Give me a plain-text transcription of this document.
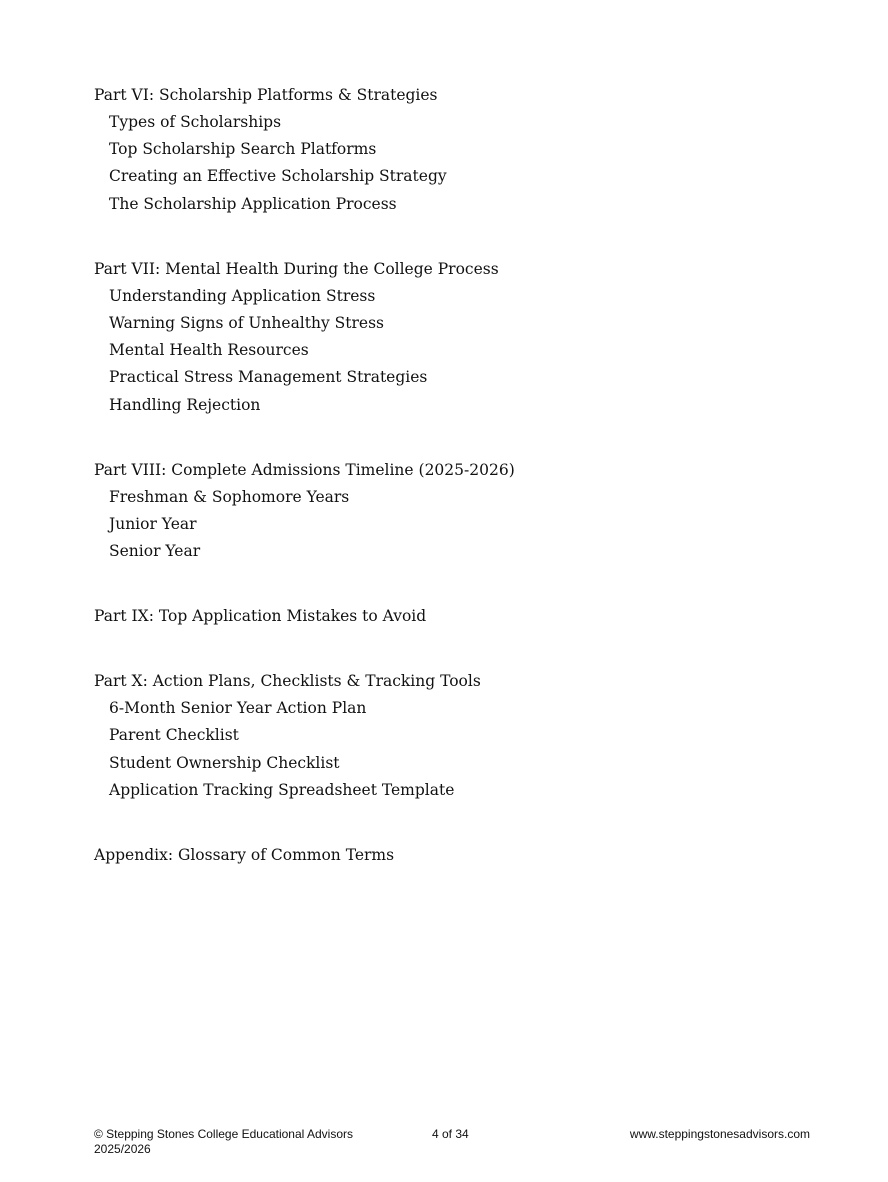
Part VI: Scholarship Platforms & Strategies
Types of Scholarships
Top Scholarship Search Platforms
Creating an Effective Scholarship Strategy
The Scholarship Application Process
Part VII: Mental Health During the College Process
Understanding Application Stress
Warning Signs of Unhealthy Stress
Mental Health Resources
Practical Stress Management Strategies
Handling Rejection
Part VIII: Complete Admissions Timeline (2025-2026)
Freshman & Sophomore Years
Junior Year
Senior Year
Part IX: Top Application Mistakes to Avoid
Part X: Action Plans, Checklists & Tracking Tools
6-Month Senior Year Action Plan
Parent Checklist
Student Ownership Checklist
Application Tracking Spreadsheet Template
Appendix: Glossary of Common Terms
© Stepping Stones College Educational Advisors
2025/2026
4 of 34	www.steppingstonesadvisors.com
